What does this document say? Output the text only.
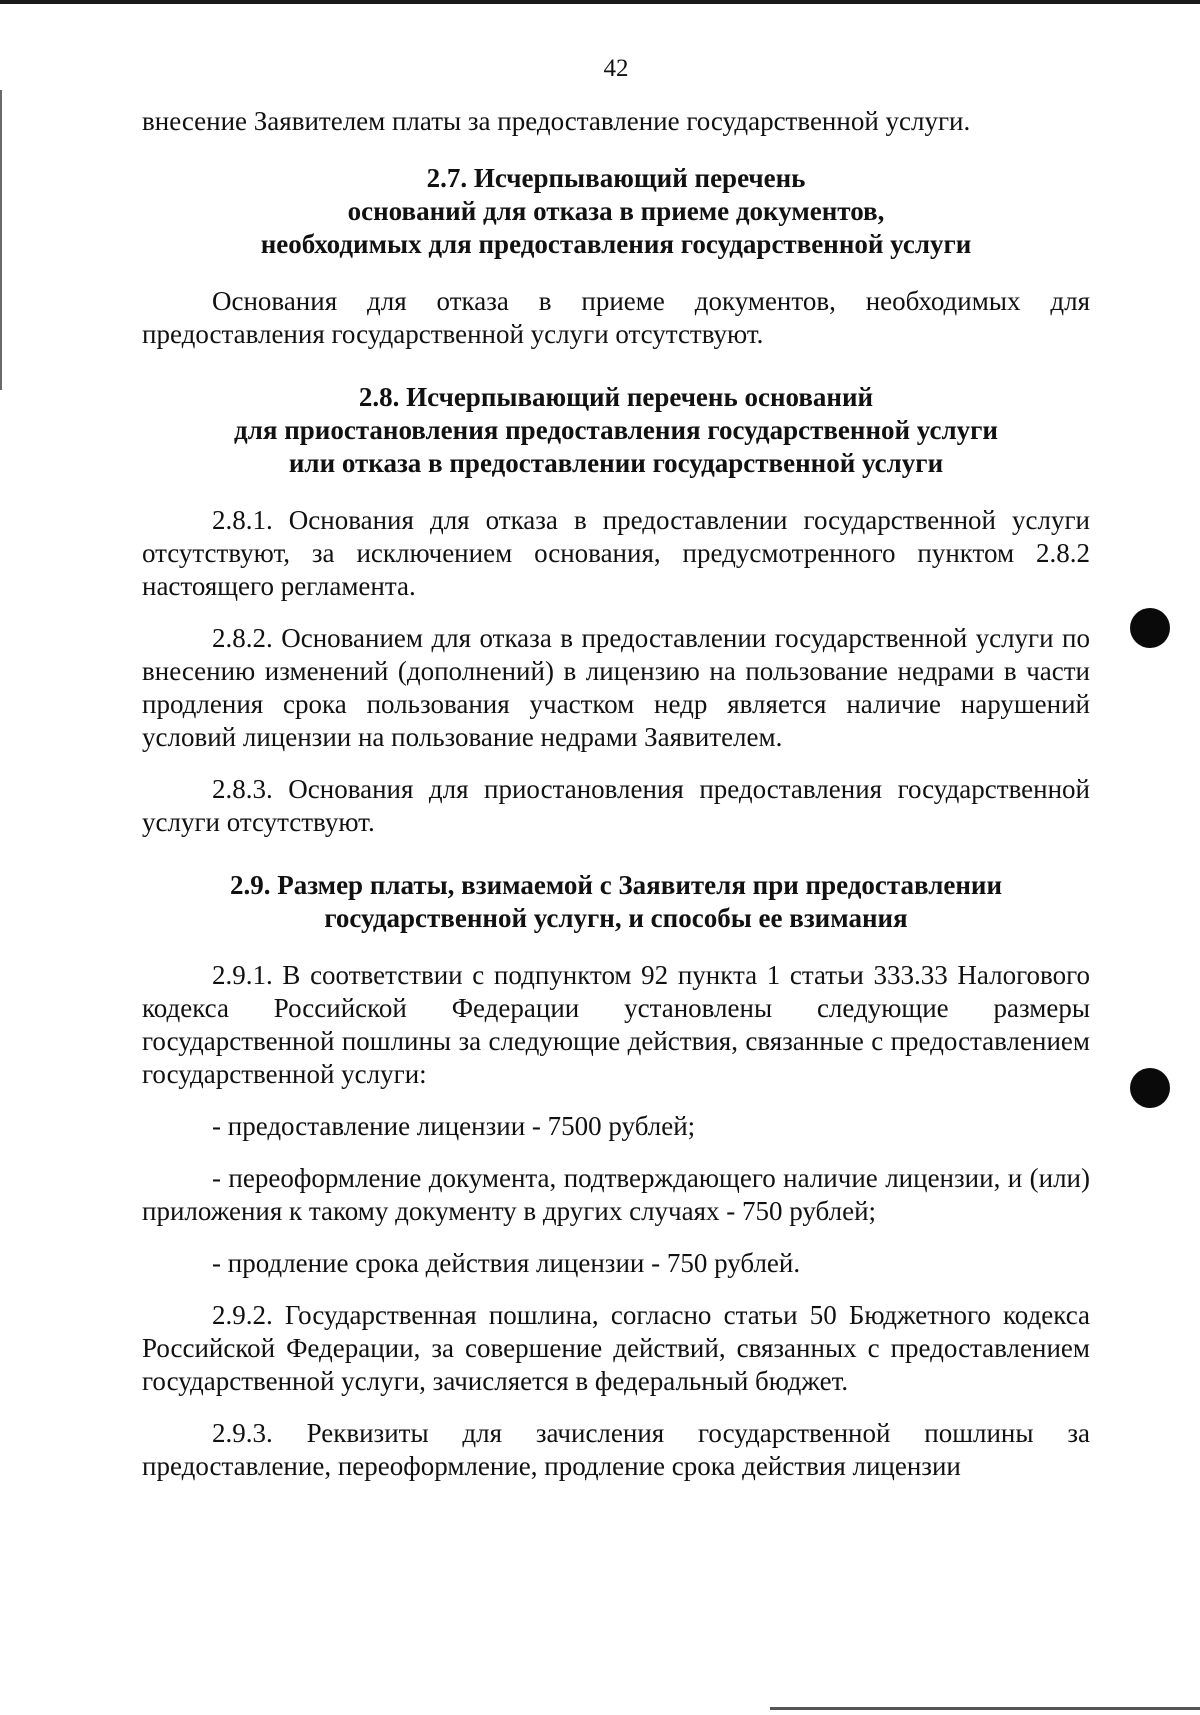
42

внесение Заявителем платы за предоставление государственной услуги.

2.7. Исчерпывающий перечень
оснований для отказа в приеме документов,
необходимых для предоставления государственной услуги

Основания для отказа в приеме документов, необходимых для предоставления государственной услуги отсутствуют.

2.8. Исчерпывающий перечень оснований
для приостановления предоставления государственной услуги
или отказа в предоставлении государственной услуги

2.8.1. Основания для отказа в предоставлении государственной услуги отсутствуют, за исключением основания, предусмотренного пунктом 2.8.2 настоящего регламента.

2.8.2. Основанием для отказа в предоставлении государственной услуги по внесению изменений (дополнений) в лицензию на пользование недрами в части продления срока пользования участком недр является наличие нарушений условий лицензии на пользование недрами Заявителем.

2.8.3. Основания для приостановления предоставления государственной услуги отсутствуют.

2.9. Размер платы, взимаемой с Заявителя при предоставлении
государственной услугн, и способы ее взимания

2.9.1. В соответствии с подпунктом 92 пункта 1 статьи 333.33 Налогового кодекса Российской Федерации установлены следующие размеры государственной пошлины за следующие действия, связанные с предоставлением государственной услуги:

- предоставление лицензии - 7500 рублей;

- переоформление документа, подтверждающего наличие лицензии, и (или) приложения к такому документу в других случаях - 750 рублей;

- продление срока действия лицензии - 750 рублей.

2.9.2. Государственная пошлина, согласно статьи 50 Бюджетного кодекса Российской Федерации, за совершение действий, связанных с предоставлением государственной услуги, зачисляется в федеральный бюджет.

2.9.3. Реквизиты для зачисления государственной пошлины за предоставление, переоформление, продление срока действия лицензии
